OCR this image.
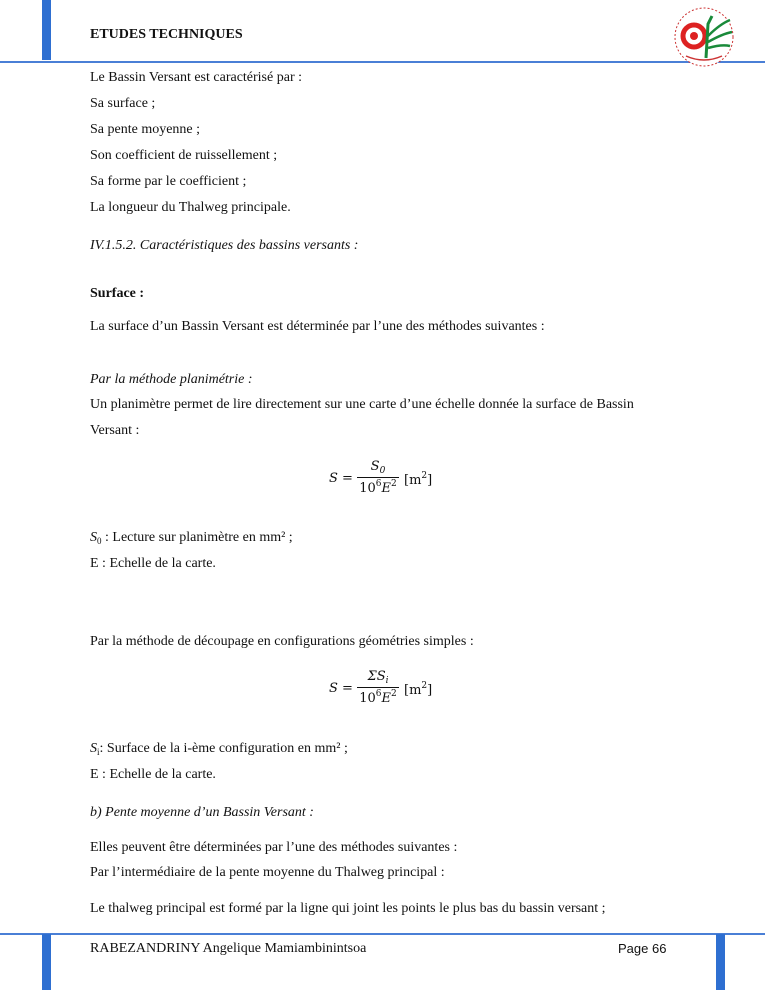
ETUDES TECHNIQUES
Le Bassin Versant est caractérisé par :
Sa surface ;
Sa pente moyenne ;
Son coefficient de ruissellement ;
Sa forme par le coefficient ;
La longueur du Thalweg principale.
IV.1.5.2. Caractéristiques des bassins versants :
Surface :
La surface d’un Bassin Versant est déterminée par l’une des méthodes suivantes :
Par la méthode planimétrie :
Un planimètre permet de lire directement sur une carte d’une échelle donnée la surface de Bassin
Versant :
S =
$S_0$
$10^6E^2$ $[m^2]$
$S_0$ : Lecture sur planimètre en mm² ;
E : Echelle de la carte.
Par la méthode de découpage en configurations géométries simples :
S =
$\Sigma S_i$
$10^6E^2$ $[m^2]$
$S_i$: Surface de la i-ème configuration en mm² ;
E : Echelle de la carte.
b) Pente moyenne d’un Bassin Versant :
Elles peuvent être déterminées par l’une des méthodes suivantes :
Par l’intermédiaire de la pente moyenne du Thalweg principal :
Le thalweg principal est formé par la ligne qui joint les points le plus bas du bassin versant ;
RABEZANDRINY Angelique Mamiambinintsoa	Page 66
